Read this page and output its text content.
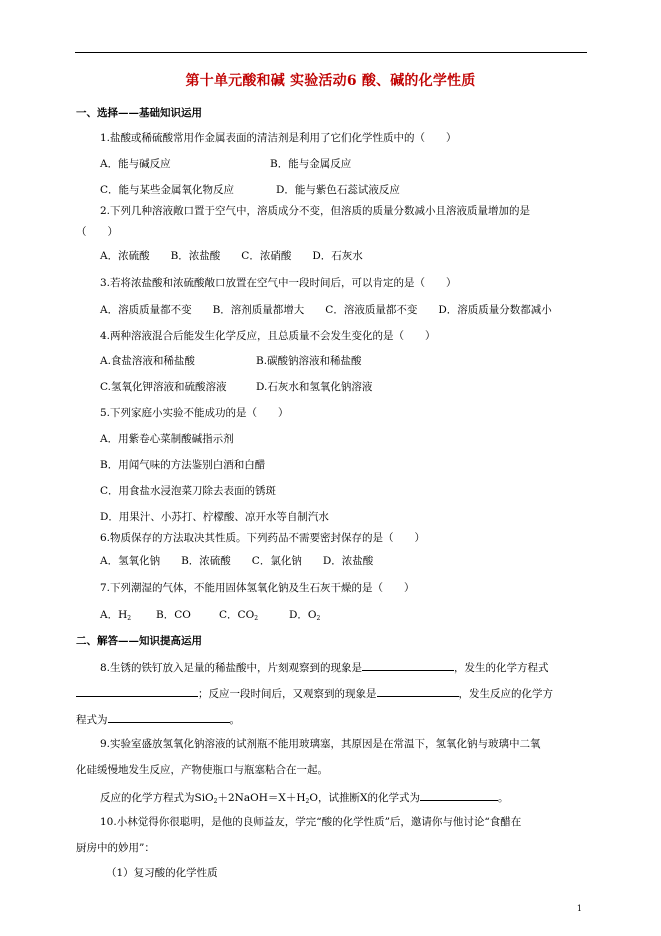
第十单元酸和碱 实验活动6 酸、碱的化学性质
一、选择——基础知识运用
1.盐酸或稀硫酸常用作金属表面的清洁剂是利用了它们化学性质中的（　　）
A．能与碱反应	B．能与金属反应
C．能与某些金属氧化物反应	D．能与紫色石蕊试液反应
2.下列几种溶液敞口置于空气中，溶质成分不变，但溶质的质量分数减小且溶液质量增加的是
（　　）
A．浓硫酸　　B．浓盐酸　　C．浓硝酸　　D．石灰水
3.若将浓盐酸和浓硫酸敞口放置在空气中一段时间后，可以肯定的是（　　）
A．溶质质量都不变　　B．溶剂质量都增大　　C．溶液质量都不变　　D．溶质质量分数都减小
4.两种溶液混合后能发生化学反应，且总质量不会发生变化的是（　　）
A.食盐溶液和稀盐酸	B.碳酸钠溶液和稀盐酸
C.氢氧化钾溶液和硫酸溶液	D.石灰水和氢氧化钠溶液
5.下列家庭小实验不能成功的是（　　）
A．用紫卷心菜制酸碱指示剂
B．用闻气味的方法鉴别白酒和白醋
C．用食盐水浸泡菜刀除去表面的锈斑
D．用果汁、小苏打、柠檬酸、凉开水等自制汽水
6.物质保存的方法取决其性质。下列药品不需要密封保存的是（　　）
A．氢氧化钠　　B．浓硫酸　　C．氯化钠　　D．浓盐酸
7.下列潮湿的气体，不能用固体氢氧化钠及生石灰干燥的是（　　）
A．$H_2$ B．CO	C．$CO_2$	D．$O_2$
二、解答——知识提高运用
8.生锈的铁钉放入足量的稀盐酸中，片刻观察到的现象是	，发生的化学方程式
；反应一段时间后，又观察到的现象是	，发生反应的化学方
程式为	。
9.实验室盛放氢氧化钠溶液的试剂瓶不能用玻璃塞，其原因是在常温下，氢氧化钠与玻璃中二氧
化硅缓慢地发生反应，产物使瓶口与瓶塞粘合在一起。
反应的化学方程式为$SiO_2+2NaOH=X+H_2O$，试推断X的化学式为	。
10.小林觉得你很聪明，是他的良师益友，学完“酸的化学性质”后，邀请你与他讨论“食醋在
厨房中的妙用”：
（1）复习酸的化学性质
1
